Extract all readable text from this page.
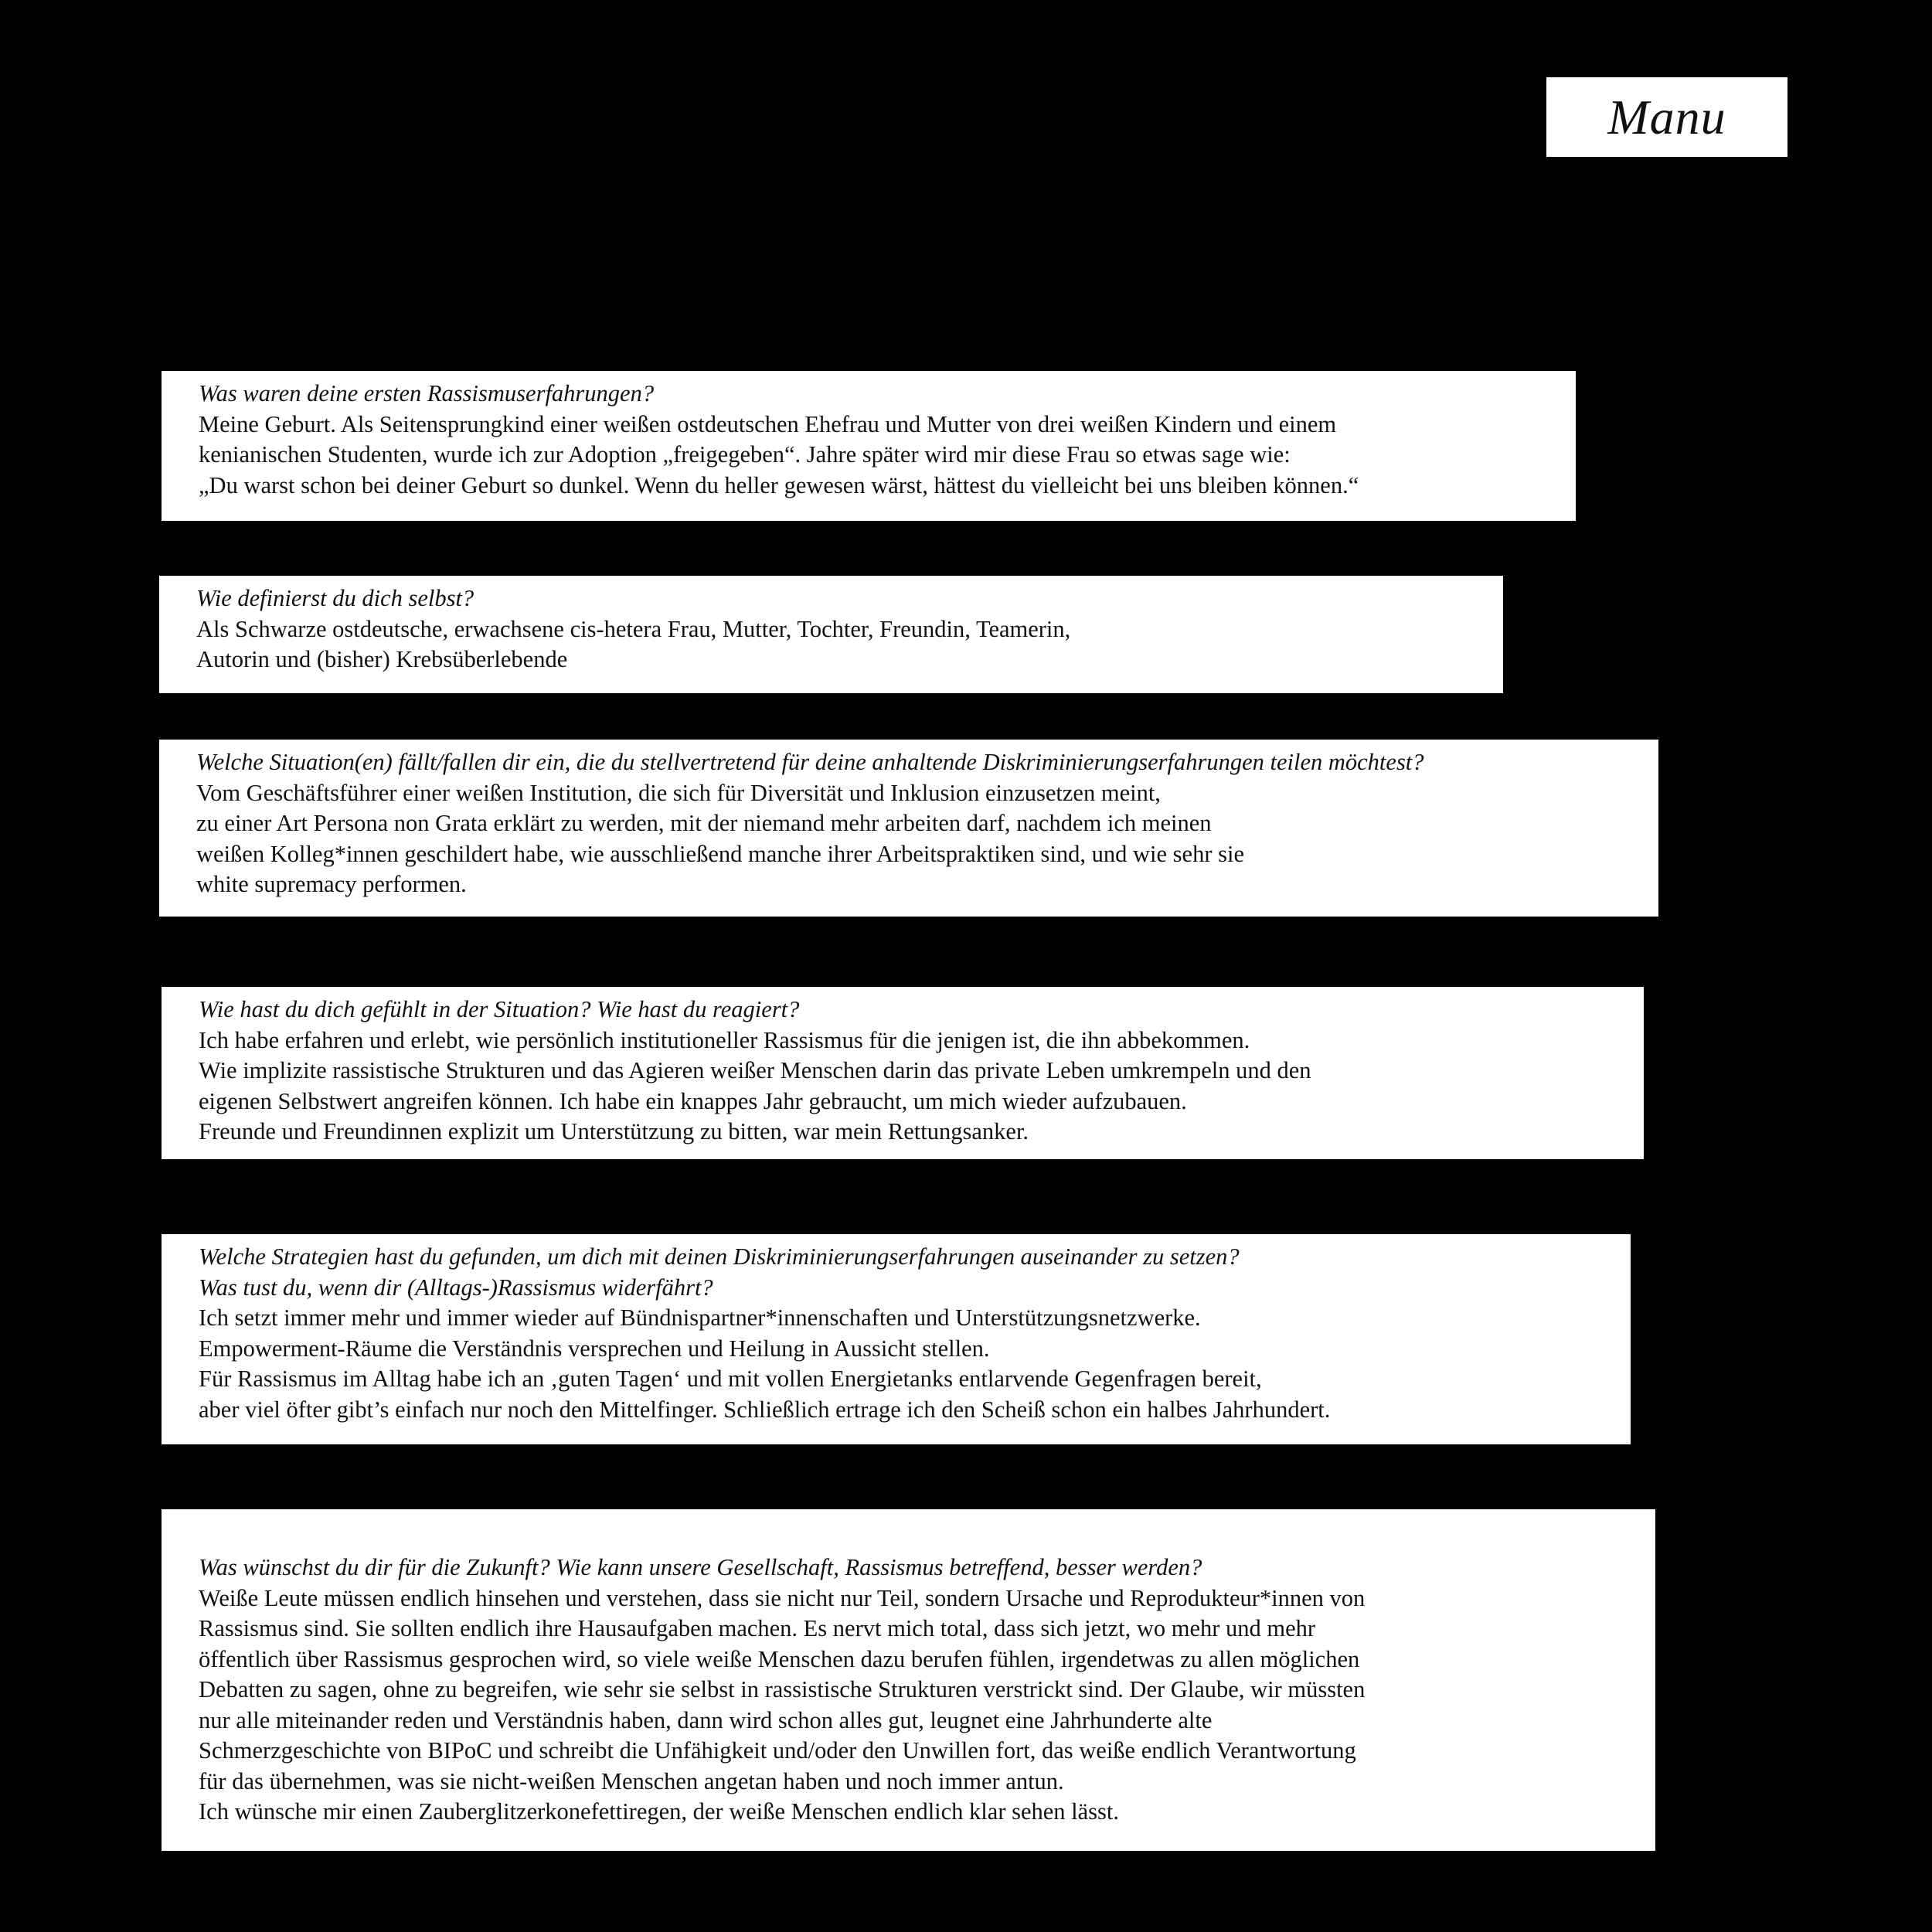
Manu
Was waren deine ersten Rassismuserfahrungen?
Meine Geburt. Als Seitensprungkind einer weißen ostdeutschen Ehefrau und Mutter von drei weißen Kindern und einem
kenianischen Studenten, wurde ich zur Adoption „freigegeben“. Jahre später wird mir diese Frau so etwas sage wie:
„Du warst schon bei deiner Geburt so dunkel. Wenn du heller gewesen wärst, hättest du vielleicht bei uns bleiben können.“
Wie definierst du dich selbst?
Als Schwarze ostdeutsche, erwachsene cis-hetera Frau, Mutter, Tochter, Freundin, Teamerin,
Autorin und (bisher) Krebsüberlebende
Welche Situation(en) fällt/fallen dir ein, die du stellvertretend für deine anhaltende Diskriminierungserfahrungen teilen möchtest?
Vom Geschäftsführer einer weißen Institution, die sich für Diversität und Inklusion einzusetzen meint,
zu einer Art Persona non Grata erklärt zu werden, mit der niemand mehr arbeiten darf, nachdem ich meinen
weißen Kolleg*innen geschildert habe, wie ausschließend manche ihrer Arbeitspraktiken sind, und wie sehr sie
white supremacy performen.
Wie hast du dich gefühlt in der Situation? Wie hast du reagiert?
Ich habe erfahren und erlebt, wie persönlich institutioneller Rassismus für die jenigen ist, die ihn abbekommen.
Wie implizite rassistische Strukturen und das Agieren weißer Menschen darin das private Leben umkrempeln und den
eigenen Selbstwert angreifen können. Ich habe ein knappes Jahr gebraucht, um mich wieder aufzubauen.
Freunde und Freundinnen explizit um Unterstützung zu bitten, war mein Rettungsanker.
Welche Strategien hast du gefunden, um dich mit deinen Diskriminierungserfahrungen auseinander zu setzen?
Was tust du, wenn dir (Alltags-)Rassismus widerfährt?
Ich setzt immer mehr und immer wieder auf Bündnispartner*innenschaften und Unterstützungsnetzwerke.
Empowerment-Räume die Verständnis versprechen und Heilung in Aussicht stellen.
Für Rassismus im Alltag habe ich an ‚guten Tagen‘ und mit vollen Energietanks entlarvende Gegenfragen bereit,
aber viel öfter gibt’s einfach nur noch den Mittelfinger. Schließlich ertrage ich den Scheiß schon ein halbes Jahrhundert.
Was wünschst du dir für die Zukunft? Wie kann unsere Gesellschaft, Rassismus betreffend, besser werden?
Weiße Leute müssen endlich hinsehen und verstehen, dass sie nicht nur Teil, sondern Ursache und Reprodukteur*innen von
Rassismus sind. Sie sollten endlich ihre Hausaufgaben machen. Es nervt mich total, dass sich jetzt, wo mehr und mehr
öffentlich über Rassismus gesprochen wird, so viele weiße Menschen dazu berufen fühlen, irgendetwas zu allen möglichen
Debatten zu sagen, ohne zu begreifen, wie sehr sie selbst in rassistische Strukturen verstrickt sind. Der Glaube, wir müssten
nur alle miteinander reden und Verständnis haben, dann wird schon alles gut, leugnet eine Jahrhunderte alte
Schmerzgeschichte von BIPoC und schreibt die Unfähigkeit und/oder den Unwillen fort, das weiße endlich Verantwortung
für das übernehmen, was sie nicht-weißen Menschen angetan haben und noch immer antun.
Ich wünsche mir einen Zauberglitzerkonefettiregen, der weiße Menschen endlich klar sehen lässt.
